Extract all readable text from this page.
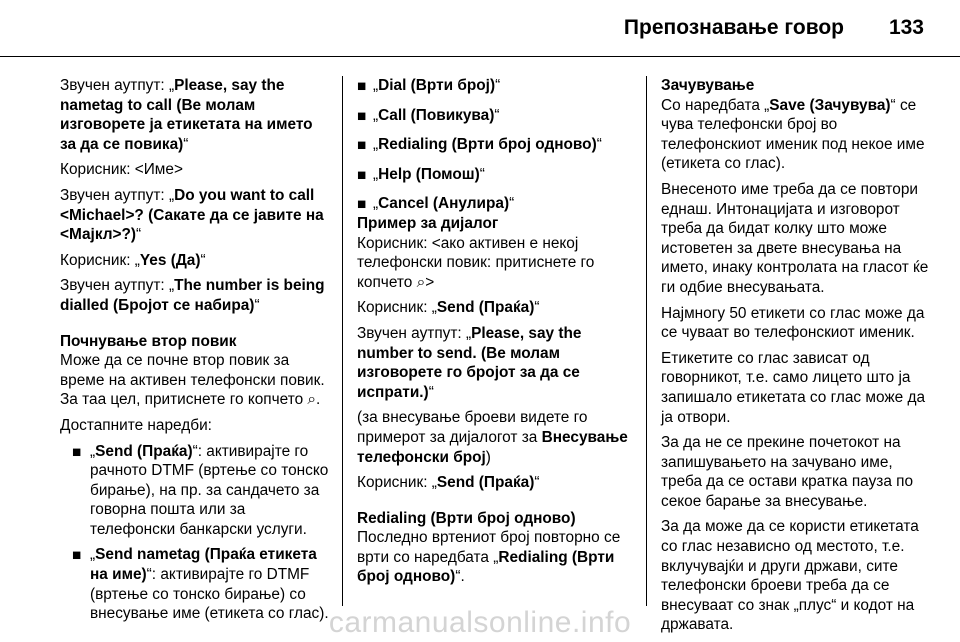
Препознавање говор 133

Звучен аутпут: „Please, say the nametag to call (Ве молам изговорете ја етикетата на името за да се повика)“

Корисник: <Име>

Звучен аутпут: „Do you want to call <Michael>? (Сакате да се јавите на <Мајкл>?)“

Корисник: „Yes (Да)“

Звучен аутпут: „The number is being dialled (Бројот се набира)“

Почнување втор повик

Може да се почне втор повик за време на активен телефонски повик. За таа цел, притиснете го копчето ⌕.

Достапните наредби:

■ „Send (Праќа)“: активирајте го рачното DTMF (вртење со тонско бирање), на пр. за сандачето за говорна пошта или за телефонски банкарски услуги.
■ „Send nametag (Праќа етикета на име)“: активирајте го DTMF (вртење со тонско бирање) со внесување име (етикета со глас).
■ „Dial (Врти број)“
■ „Call (Повикува)“
■ „Redialing (Врти број одново)“
■ „Help (Помош)“
■ „Cancel (Анулира)“

Пример за дијалог

Корисник: <ако активен е некој телефонски повик: притиснете го копчето ⌕>

Корисник: „Send (Праќа)“

Звучен аутпут: „Please, say the number to send. (Ве молам изговорете го бројот за да се испрати.)“

(за внесување броеви видете го примерот за дијалогот за Внесување телефонски број)

Корисник: „Send (Праќа)“

Redialing (Врти број одново)

Последно вртениот број повторно се врти со наредбата „Redialing (Врти број одново)“.

Зачувување

Со наредбата „Save (Зачувува)“ се чува телефонски број во телефонскиот именик под некое име (етикета со глас).

Внесеното име треба да се повтори еднаш. Интонацијата и изговорот треба да бидат колку што може истоветен за двете внесувања на името, инаку контролата на гласот ќе ги одбие внесувањата.

Најмногу 50 етикети со глас може да се чуваат во телефонскиот именик.

Етикетите со глас зависат од говорникот, т.е. само лицето што ја запишало етикетата со глас може да ја отвори.

За да не се прекине почетокот на запишувањето на зачувано име, треба да се остави кратка пауза по секое барање за внесување.

За да може да се користи етикетата со глас независно од местото, т.е. вклучувајќи и други држави, сите телефонски броеви треба да се внесуваат со знак „плус“ и кодот на државата.

carmanualsonline.info
